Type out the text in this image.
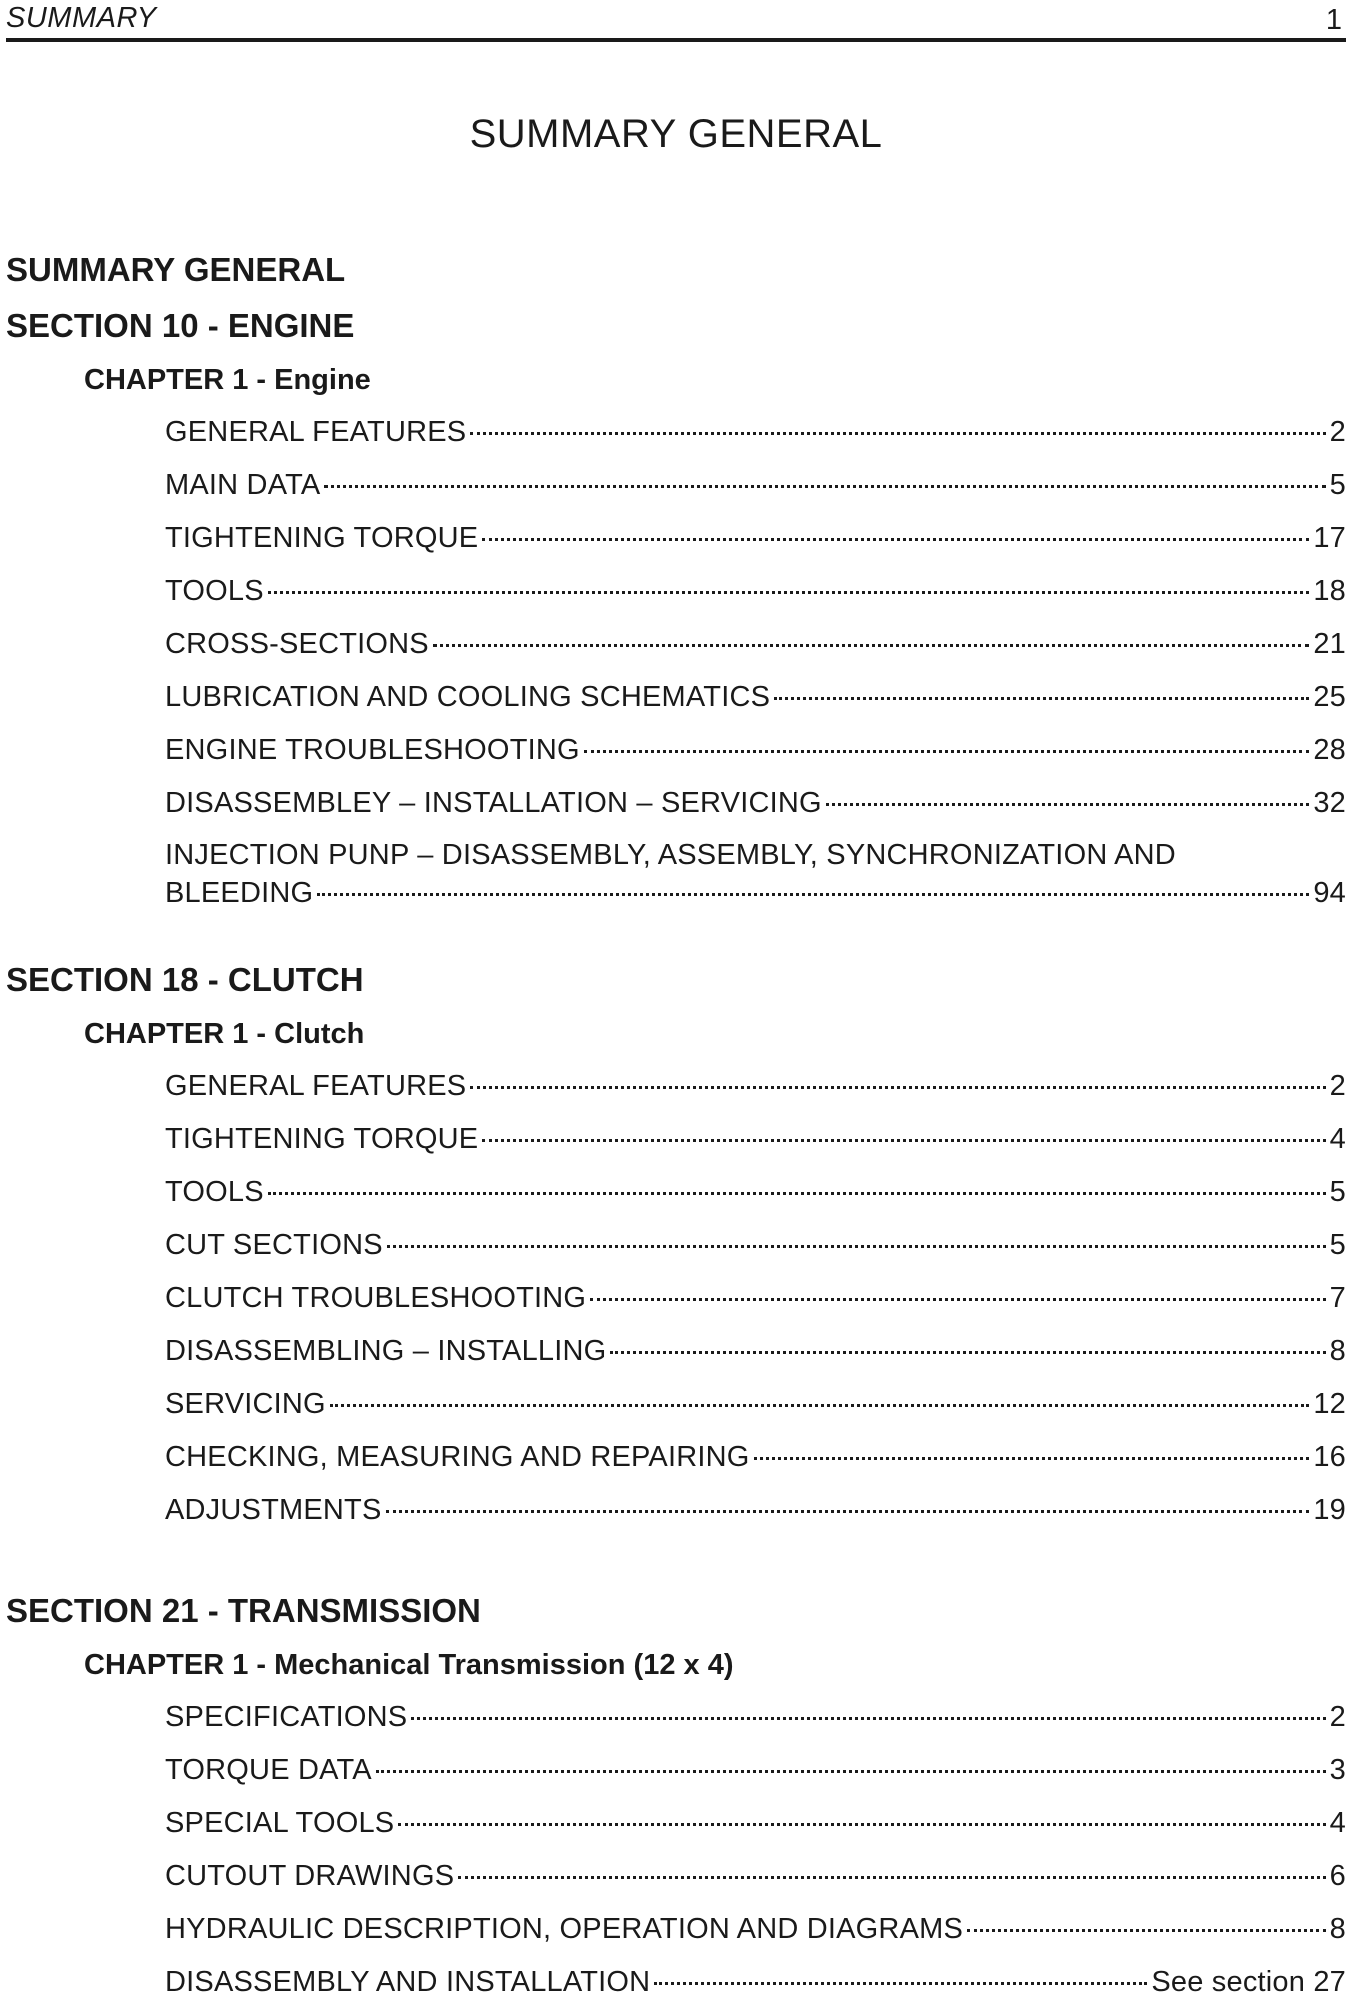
SUMMARY	1
SUMMARY GENERAL
SUMMARY GENERAL
SECTION 10 - ENGINE
CHAPTER 1 - Engine
GENERAL FEATURES	2
MAIN DATA	5
TIGHTENING TORQUE	17
TOOLS	18
CROSS-SECTIONS	21
LUBRICATION AND COOLING SCHEMATICS	25
ENGINE TROUBLESHOOTING	28
DISASSEMBLEY – INSTALLATION – SERVICING	32
INJECTION PUNP – DISASSEMBLY, ASSEMBLY, SYNCHRONIZATION AND
BLEEDING	94
SECTION 18 - CLUTCH
CHAPTER 1 - Clutch
GENERAL FEATURES	2
TIGHTENING TORQUE	4
TOOLS	5
CUT SECTIONS	5
CLUTCH TROUBLESHOOTING	7
DISASSEMBLING – INSTALLING	8
SERVICING	12
CHECKING, MEASURING AND REPAIRING	16
ADJUSTMENTS	19
SECTION 21 - TRANSMISSION
CHAPTER 1 - Mechanical Transmission (12 x 4)
SPECIFICATIONS	2
TORQUE DATA	3
SPECIAL TOOLS	4
CUTOUT DRAWINGS	6
HYDRAULIC DESCRIPTION, OPERATION AND DIAGRAMS	8
DISASSEMBLY AND INSTALLATION	See section 27
